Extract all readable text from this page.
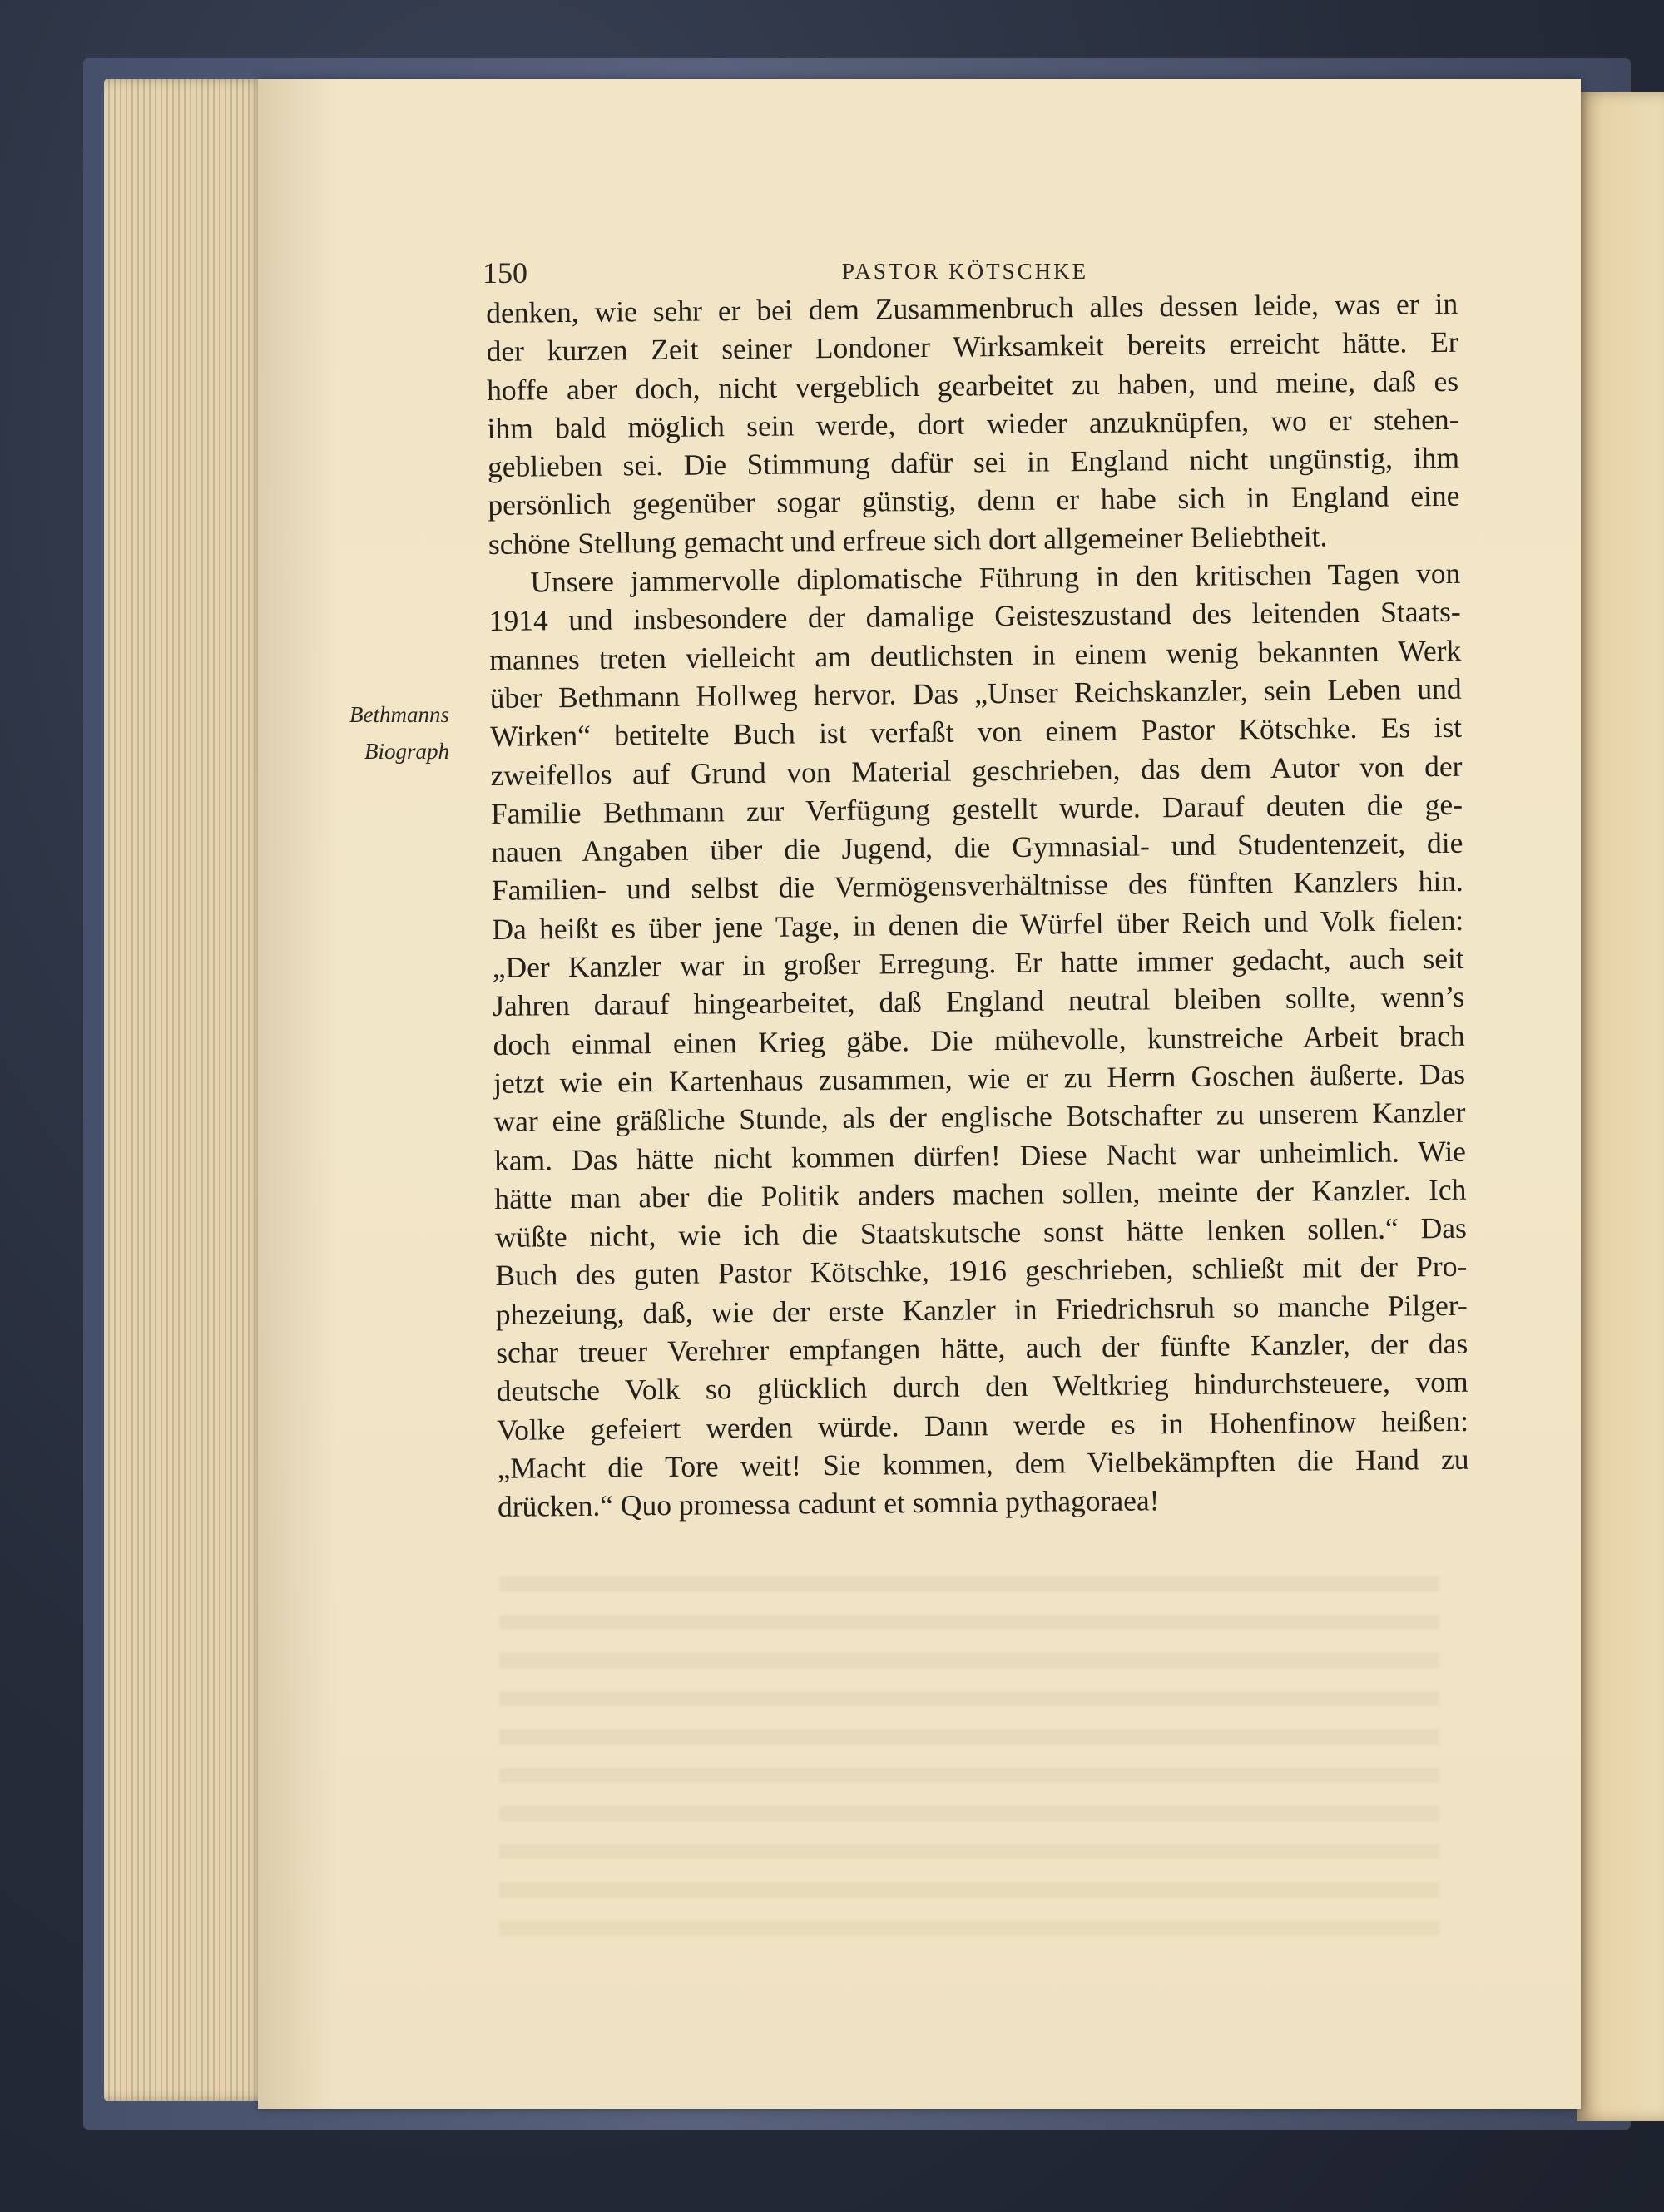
150	PASTOR KÖTSCHKE
Bethmanns
Biograph
denken, wie sehr er bei dem Zusammenbruch alles dessen leide, was er in
der kurzen Zeit seiner Londoner Wirksamkeit bereits erreicht hätte. Er
hoffe aber doch, nicht vergeblich gearbeitet zu haben, und meine, daß es
ihm bald möglich sein werde, dort wieder anzuknüpfen, wo er stehen-
geblieben sei. Die Stimmung dafür sei in England nicht ungünstig, ihm
persönlich gegenüber sogar günstig, denn er habe sich in England eine
schöne Stellung gemacht und erfreue sich dort allgemeiner Beliebtheit.
Unsere jammervolle diplomatische Führung in den kritischen Tagen von
1914 und insbesondere der damalige Geisteszustand des leitenden Staats-
mannes treten vielleicht am deutlichsten in einem wenig bekannten Werk
über Bethmann Hollweg hervor. Das „Unser Reichskanzler, sein Leben und
Wirken“ betitelte Buch ist verfaßt von einem Pastor Kötschke. Es ist
zweifellos auf Grund von Material geschrieben, das dem Autor von der
Familie Bethmann zur Verfügung gestellt wurde. Darauf deuten die ge-
nauen Angaben über die Jugend, die Gymnasial- und Studentenzeit, die
Familien- und selbst die Vermögensverhältnisse des fünften Kanzlers hin.
Da heißt es über jene Tage, in denen die Würfel über Reich und Volk fielen:
„Der Kanzler war in großer Erregung. Er hatte immer gedacht, auch seit
Jahren darauf hingearbeitet, daß England neutral bleiben sollte, wenn’s
doch einmal einen Krieg gäbe. Die mühevolle, kunstreiche Arbeit brach
jetzt wie ein Kartenhaus zusammen, wie er zu Herrn Goschen äußerte. Das
war eine gräßliche Stunde, als der englische Botschafter zu unserem Kanzler
kam. Das hätte nicht kommen dürfen! Diese Nacht war unheimlich. Wie
hätte man aber die Politik anders machen sollen, meinte der Kanzler. Ich
wüßte nicht, wie ich die Staatskutsche sonst hätte lenken sollen.“ Das
Buch des guten Pastor Kötschke, 1916 geschrieben, schließt mit der Pro-
phezeiung, daß, wie der erste Kanzler in Friedrichsruh so manche Pilger-
schar treuer Verehrer empfangen hätte, auch der fünfte Kanzler, der das
deutsche Volk so glücklich durch den Weltkrieg hindurchsteuere, vom
Volke gefeiert werden würde. Dann werde es in Hohenfinow heißen:
„Macht die Tore weit! Sie kommen, dem Vielbekämpften die Hand zu
drücken.“ Quo promessa cadunt et somnia pythagoraea!
